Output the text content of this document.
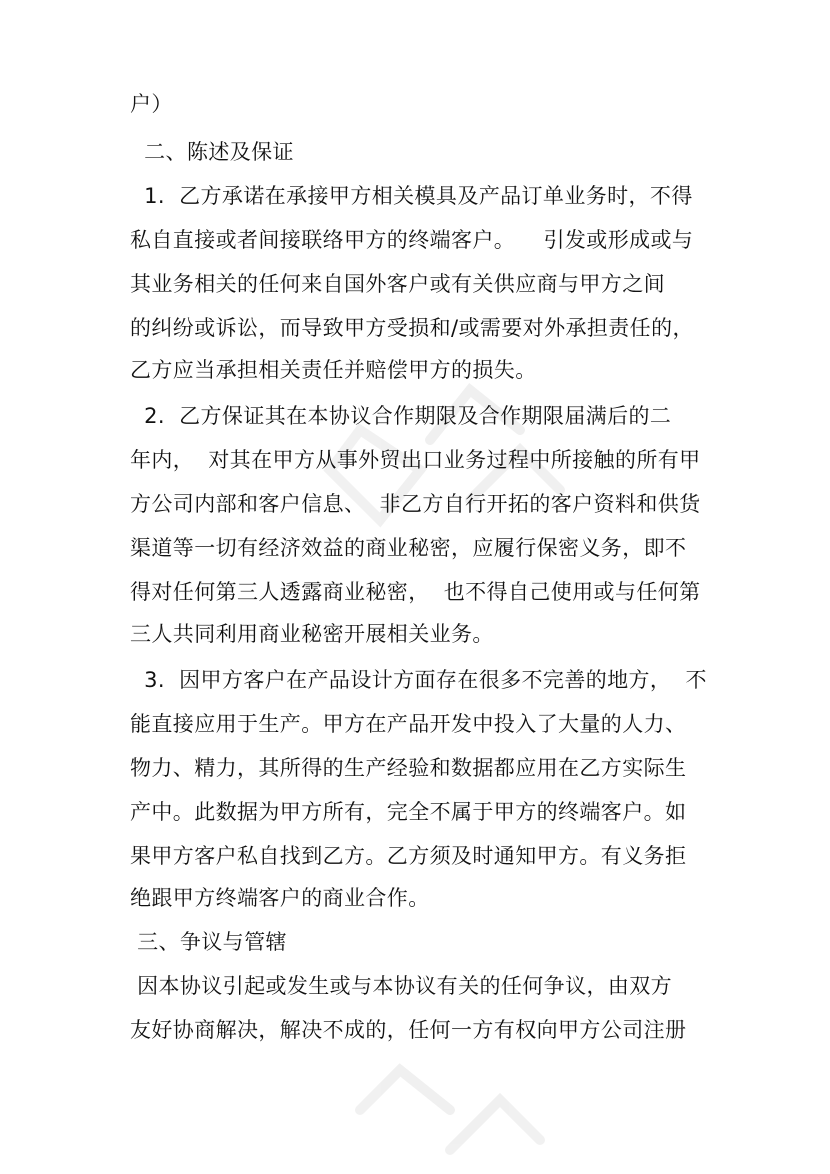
户）
二、陈述及保证
1.  乙方承诺在承接甲方相关模具及产品订单业务时，不得
私自直接或者间接联络甲方的终端客户。    引发或形成或与
其业务相关的任何来自国外客户或有关供应商与甲方之间
的纠纷或诉讼，而导致甲方受损和/或需要对外承担责任的，
乙方应当承担相关责任并赔偿甲方的损失。
2.  乙方保证其在本协议合作期限及合作期限届满后的二
年内，  对其在甲方从事外贸出口业务过程中所接触的所有甲
方公司内部和客户信息、  非乙方自行开拓的客户资料和供货
渠道等一切有经济效益的商业秘密，应履行保密义务，即不
得对任何第三人透露商业秘密，  也不得自己使用或与任何第
三人共同利用商业秘密开展相关业务。
3.  因甲方客户在产品设计方面存在很多不完善的地方，  不
能直接应用于生产。甲方在产品开发中投入了大量的人力、
物力、精力，其所得的生产经验和数据都应用在乙方实际生
产中。此数据为甲方所有，完全不属于甲方的终端客户。如
果甲方客户私自找到乙方。乙方须及时通知甲方。有义务拒
绝跟甲方终端客户的商业合作。
三、争议与管辖
因本协议引起或发生或与本协议有关的任何争议，由双方
友好协商解决，解决不成的，任何一方有权向甲方公司注册
